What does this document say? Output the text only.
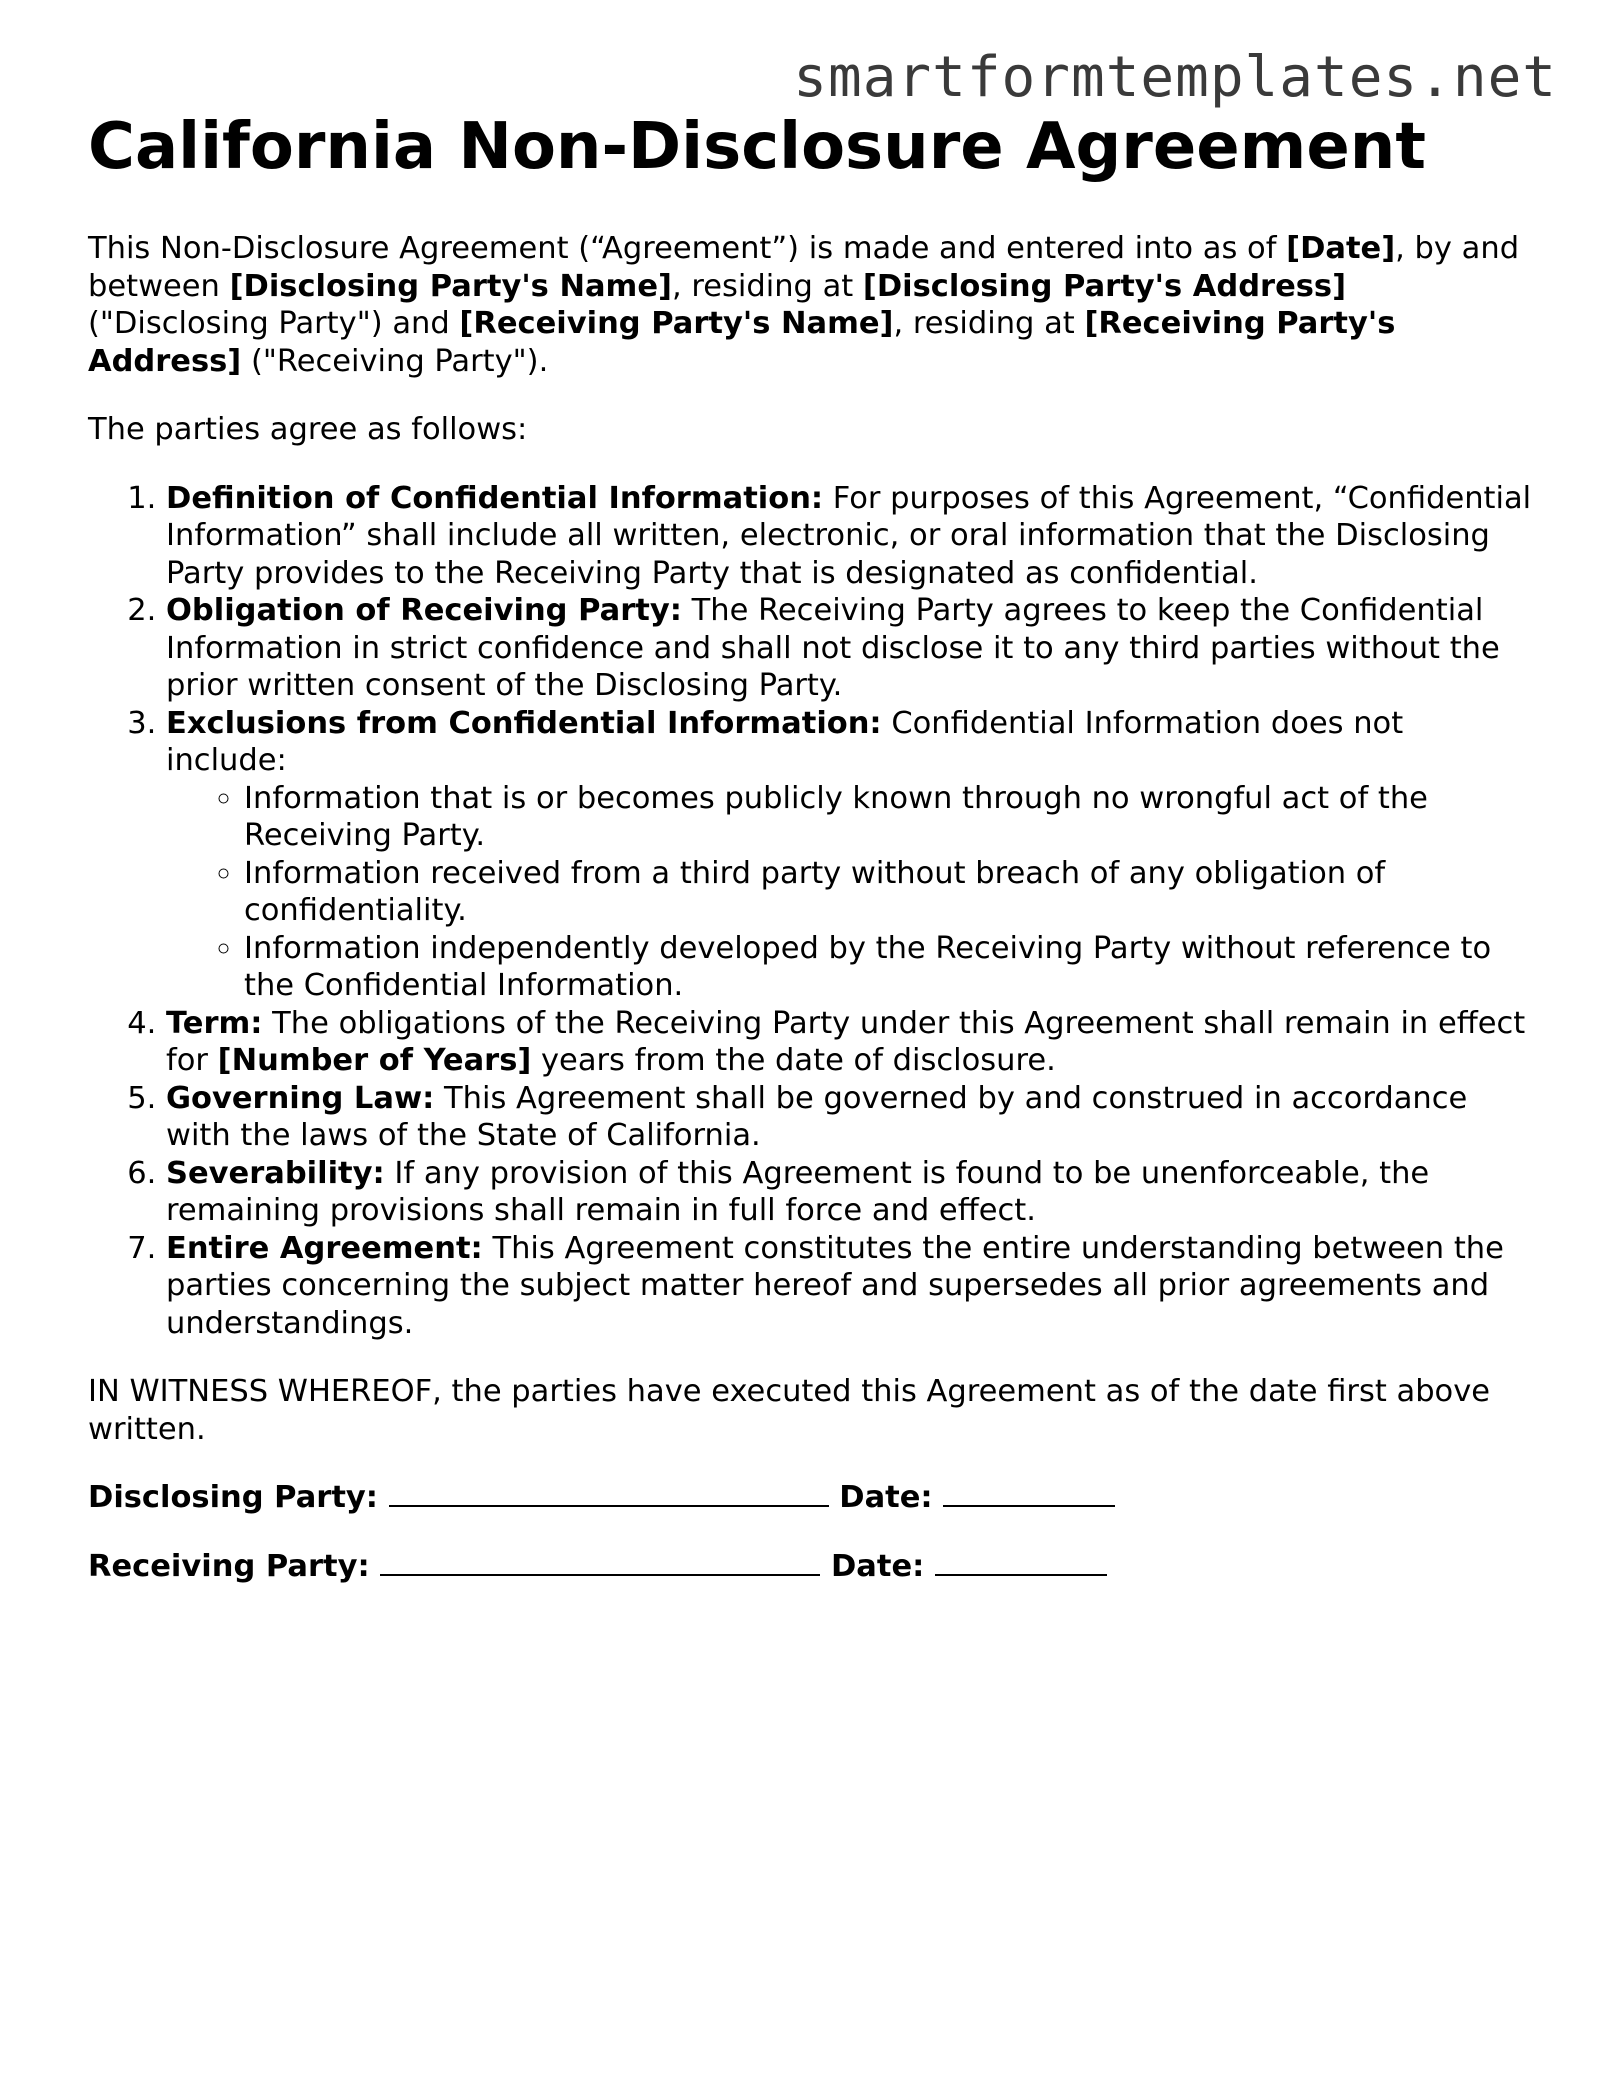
smartformtemplates.net
California Non-Disclosure Agreement

This Non-Disclosure Agreement (“Agreement”) is made and entered into as of [Date], by and between [Disclosing Party's Name], residing at [Disclosing Party's Address] ("Disclosing Party") and [Receiving Party's Name], residing at [Receiving Party's Address] ("Receiving Party").

The parties agree as follows:

1. Definition of Confidential Information: For purposes of this Agreement, “Confidential Information” shall include all written, electronic, or oral information that the Disclosing Party provides to the Receiving Party that is designated as confidential.
2. Obligation of Receiving Party: The Receiving Party agrees to keep the Confidential Information in strict confidence and shall not disclose it to any third parties without the prior written consent of the Disclosing Party.
3. Exclusions from Confidential Information: Confidential Information does not include:
◦ Information that is or becomes publicly known through no wrongful act of the Receiving Party.
◦ Information received from a third party without breach of any obligation of confidentiality.
◦ Information independently developed by the Receiving Party without reference to the Confidential Information.
4. Term: The obligations of the Receiving Party under this Agreement shall remain in effect for [Number of Years] years from the date of disclosure.
5. Governing Law: This Agreement shall be governed by and construed in accordance with the laws of the State of California.
6. Severability: If any provision of this Agreement is found to be unenforceable, the remaining provisions shall remain in full force and effect.
7. Entire Agreement: This Agreement constitutes the entire understanding between the parties concerning the subject matter hereof and supersedes all prior agreements and understandings.

IN WITNESS WHEREOF, the parties have executed this Agreement as of the date first above written.

Disclosing Party:	Date:

Receiving Party:	Date:
